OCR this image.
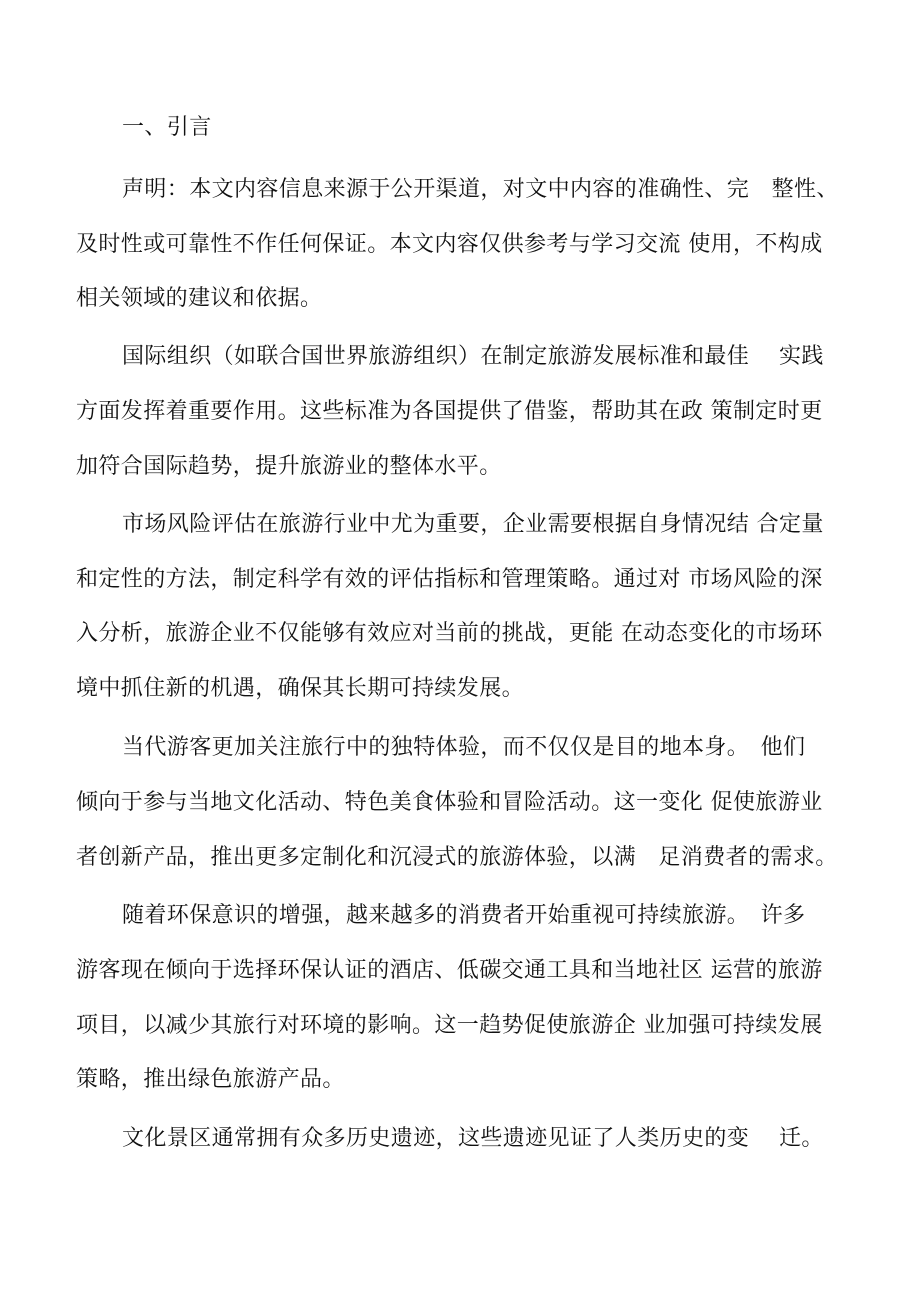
一、引言
声明：本文内容信息来源于公开渠道，对文中内容的准确性、完　整性、
及时性或可靠性不作任何保证。本文内容仅供参考与学习交流 使用，不构成
相关领域的建议和依据。
国际组织（如联合国世界旅游组织）在制定旅游发展标准和最佳　 实践
方面发挥着重要作用。这些标准为各国提供了借鉴，帮助其在政 策制定时更
加符合国际趋势，提升旅游业的整体水平。
市场风险评估在旅游行业中尤为重要，企业需要根据自身情况结 合定量
和定性的方法，制定科学有效的评估指标和管理策略。通过对 市场风险的深
入分析，旅游企业不仅能够有效应对当前的挑战，更能 在动态变化的市场环
境中抓住新的机遇，确保其长期可持续发展。
当代游客更加关注旅行中的独特体验，而不仅仅是目的地本身。　他们
倾向于参与当地文化活动、特色美食体验和冒险活动。这一变化 促使旅游业
者创新产品，推出更多定制化和沉浸式的旅游体验，以满　足消费者的需求。
随着环保意识的增强，越来越多的消费者开始重视可持续旅游。　许多
游客现在倾向于选择环保认证的酒店、低碳交通工具和当地社区 运营的旅游
项目，以减少其旅行对环境的影响。这一趋势促使旅游企 业加强可持续发展
策略，推出绿色旅游产品。
文化景区通常拥有众多历史遗迹，这些遗迹见证了人类历史的变　 迁。
